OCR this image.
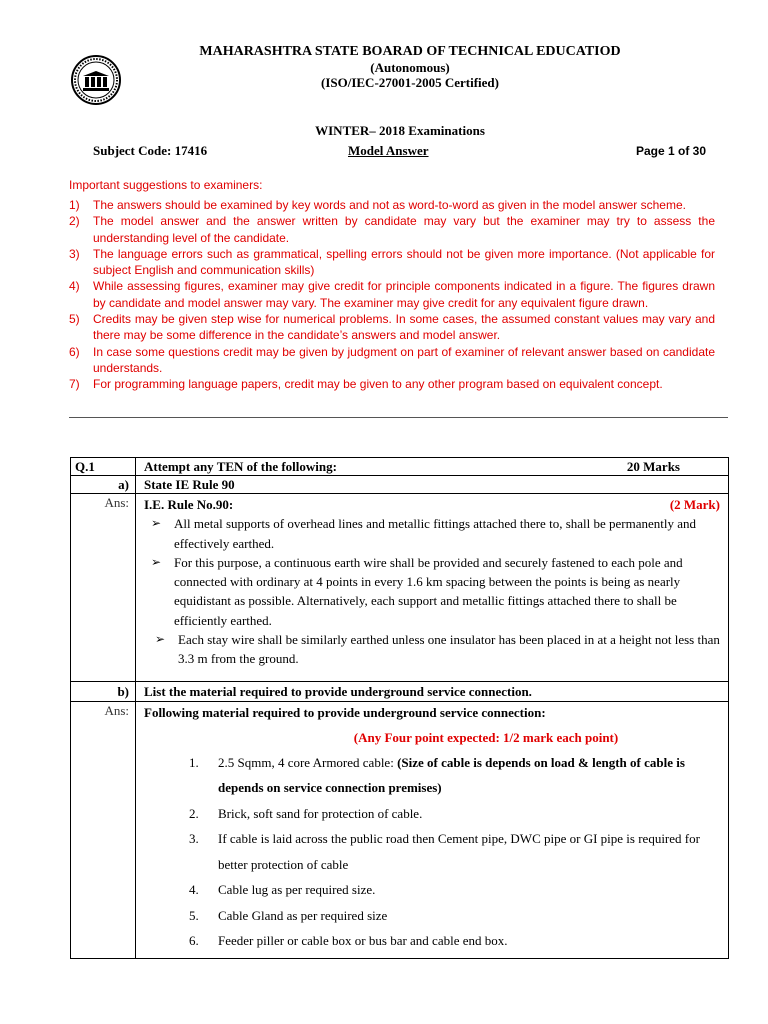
MAHARASHTRA STATE BOARAD OF TECHNICAL EDUCATIOD
(Autonomous)
(ISO/IEC-27001-2005 Certified)
WINTER– 2018 Examinations
Subject Code: 17416	Model Answer	Page 1 of 30
Important suggestions to examiners:
1) The answers should be examined by key words and not as word-to-word as given in the model answer scheme.
2) The model answer and the answer written by candidate may vary but the examiner may try to assess the understanding level of the candidate.
3) The language errors such as grammatical, spelling errors should not be given more importance. (Not applicable for subject English and communication skills)
4) While assessing figures, examiner may give credit for principle components indicated in a figure. The figures drawn by candidate and model answer may vary. The examiner may give credit for any equivalent figure drawn.
5) Credits may be given step wise for numerical problems. In some cases, the assumed constant values may vary and there may be some difference in the candidate’s answers and model answer.
6) In case some questions credit may be given by judgment on part of examiner of relevant answer based on candidate understands.
7) For programming language papers, credit may be given to any other program based on equivalent concept.
Q.1	Attempt any TEN of the following:	20 Marks
a)	State IE Rule 90
Ans:	I.E. Rule No.90:	(2 Mark)
➢ All metal supports of overhead lines and metallic fittings attached there to, shall be permanently and effectively earthed.
➢ For this purpose, a continuous earth wire shall be provided and securely fastened to each pole and connected with ordinary at 4 points in every 1.6 km spacing between the points is being as nearly equidistant as possible. Alternatively, each support and metallic fittings attached there to shall be efficiently earthed.
➢ Each stay wire shall be similarly earthed unless one insulator has been placed in at a height not less than 3.3 m from the ground.
b)	List the material required to provide underground service connection.
Ans:	Following material required to provide underground service connection:
(Any Four point expected: 1/2 mark each point)
1. 2.5 Sqmm, 4 core Armored cable: (Size of cable is depends on load & length of cable is depends on service connection premises)
2. Brick, soft sand for protection of cable.
3. If cable is laid across the public road then Cement pipe, DWC pipe or GI pipe is required for better protection of cable
4. Cable lug as per required size.
5. Cable Gland as per required size
6. Feeder piller or cable box or bus bar and cable end box.
